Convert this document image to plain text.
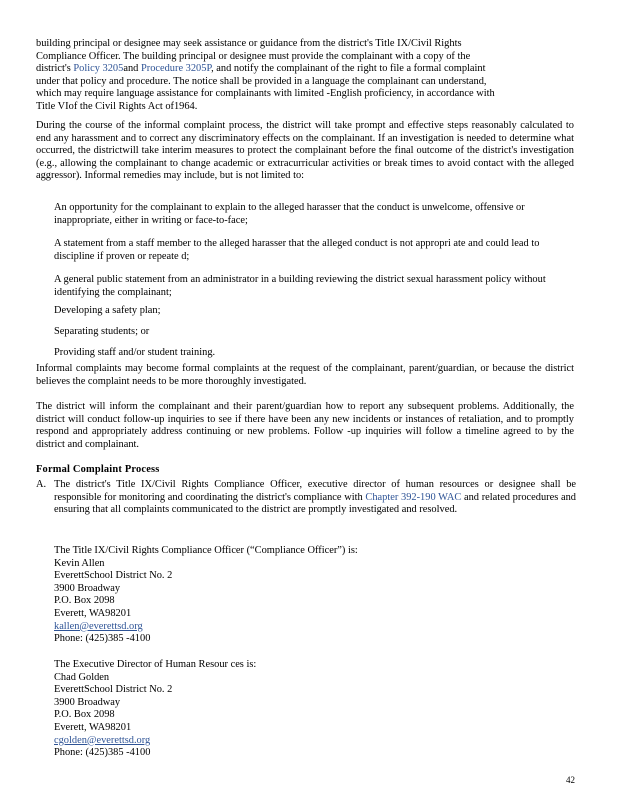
building principal or designee may seek assistance or guidance from the district's Title IX/Civil Rights

Compliance Officer. The building principal or designee must provide the complainant with a copy of the

district's Policy 3205and Procedure 3205P, and notify the complainant of the right to file a formal complaint

under that policy and procedure. The notice shall be provided in a language the complainant can understand,

which may require language assistance for complainants with limited -English proficiency, in accordance with

Title VIof the Civil Rights Act of1964.

During the course of the informal complaint process, the district will take prompt and effective steps reasonably calculated to end any harassment and to correct any discriminatory effects on the complainant. If an investigation is needed to determine what occurred, the districtwill take interim measures to protect the complainant before the final outcome of the district's investigation (e.g., allowing the complainant to change academic or extracurricular activities or break times to avoid contact with the alleged aggressor). Informal remedies may include, but is not limited to:
An opportunity for the complainant to explain to the alleged harasser that the conduct is unwelcome, offensive or inappropriate, either in writing or face-to-face;
A statement from a staff member to the alleged harasser that the alleged conduct is not appropri ate and could lead to discipline if proven or repeate d;
A general public statement from an administrator in a building reviewing the district sexual harassment policy without identifying the complainant;
Developing a safety plan;
Separating students; or
Providing staff and/or student training.
Informal complaints may become formal complaints at the request of the complainant, parent/guardian, or because the district believes the complaint needs to be more thoroughly investigated.
The district will inform the complainant and their parent/guardian how to report any subsequent problems. Additionally, the district will conduct follow-up inquiries to see if there have been any new incidents or instances of retaliation, and to promptly respond and appropriately address continuing or new problems. Follow -up inquiries will follow a timeline agreed to by the district and complainant.
Formal Complaint Process
A. The district's Title IX/Civil Rights Compliance Officer, executive director of human resources or designee shall be responsible for monitoring and coordinating the district's compliance with Chapter 392-190 WAC and related procedures and ensuring that all complaints communicated to the district are promptly investigated and resolved.
The Title IX/Civil Rights Compliance Officer (“Compliance Officer”) is:
Kevin Allen
EverettSchool District No. 2
3900 Broadway
P.O. Box 2098
Everett, WA98201
kallen@everettsd.org
Phone: (425)385 -4100
The Executive Director of Human Resour ces is:
Chad Golden
EverettSchool District No. 2
3900 Broadway
P.O. Box 2098
Everett, WA98201
cgolden@everettsd.org
Phone: (425)385 -4100
42
